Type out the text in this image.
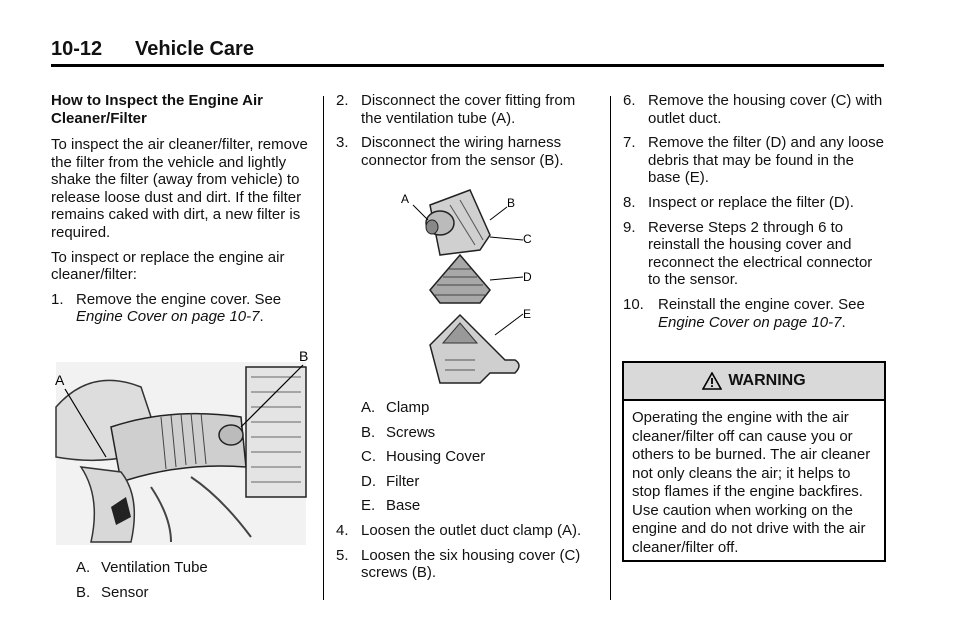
10-12 Vehicle Care
How to Inspect the Engine Air Cleaner/Filter

To inspect the air cleaner/filter, remove the filter from the vehicle and lightly shake the filter (away from vehicle) to release loose dust and dirt. If the filter remains caked with dirt, a new filter is required.

To inspect or replace the engine air cleaner/filter:

1. Remove the engine cover. See Engine Cover on page 10-7.
A
B
A. Ventilation Tube
B. Sensor
2. Disconnect the cover fitting from the ventilation tube (A).
3. Disconnect the wiring harness connector from the sensor (B).
A	B
C
D
E
A. Clamp
B. Screws
C. Housing Cover
D. Filter
E. Base
4. Loosen the outlet duct clamp (A).
5. Loosen the six housing cover (C) screws (B).
6. Remove the housing cover (C) with outlet duct.
7. Remove the filter (D) and any loose debris that may be found in the base (E).
8. Inspect or replace the filter (D).
9. Reverse Steps 2 through 6 to reinstall the housing cover and reconnect the electrical connector to the sensor.
10. Reinstall the engine cover. See Engine Cover on page 10-7.
WARNING
Operating the engine with the air cleaner/filter off can cause you or others to be burned. The air cleaner not only cleans the air; it helps to stop flames if the engine backfires. Use caution when working on the engine and do not drive with the air cleaner/filter off.
